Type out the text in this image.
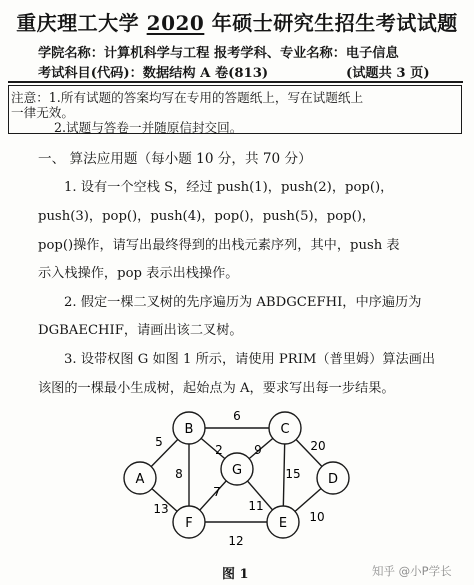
重庆理工大学 2020 年硕士研究生招生考试试题
学院名称：计算机科学与工程 报考学科、专业名称：电子信息
考试科目(代码)：数据结构 A 卷(813)	(试题共 3 页)
注意：1.所有试题的答案均写在专用的答题纸上，写在试题纸上
一律无效。
2.试题与答卷一并随原信封交回。
一、 算法应用题（每小题 10 分，共 70 分）
1. 设有一个空栈 S，经过 push(1)，push(2)，pop()，
push(3)，pop()，push(4)，pop()，push(5)，pop()，
pop()操作，请写出最终得到的出栈元素序列，其中，push 表
示入栈操作，pop 表示出栈操作。
2. 假定一棵二叉树的先序遍历为 ABDGCEFHI，中序遍历为
DGBAECHIF，请画出该二叉树。
3. 设带权图 G 如图 1 所示，请使用 PRIM（普里姆）算法画出
该图的一棵最小生成树，起始点为 A，要求写出每一步结果。
5
13
6
8
2	9
7
11
20
15
10
12
A
B	C
D
E
F
G
图 1	知乎 @小P学长
